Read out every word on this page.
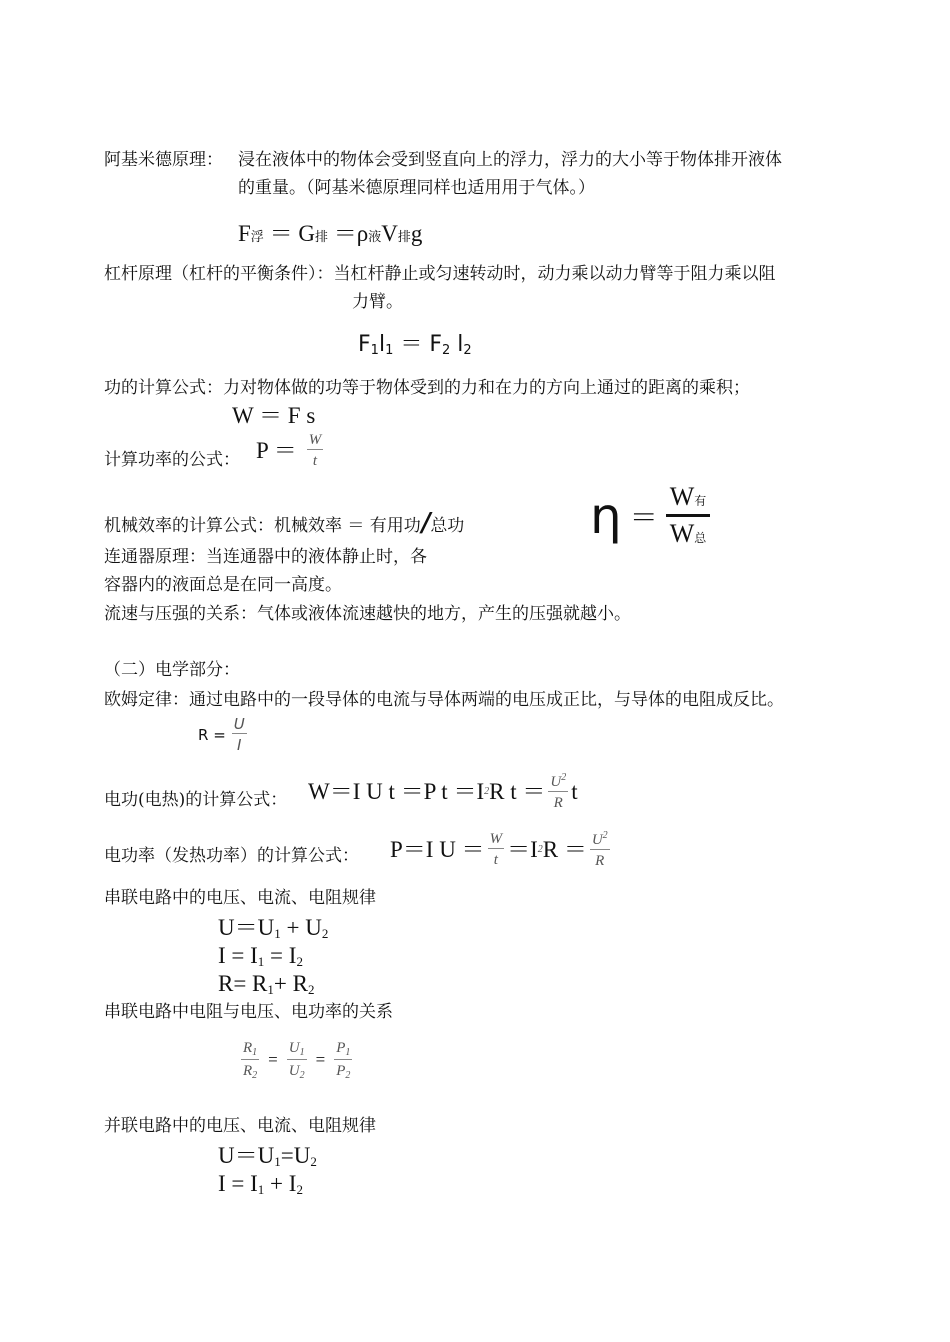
阿基米德原理： 浸在液体中的物体会受到竖直向上的浮力，浮力的大小等于物体排开液体
的重量。（阿基米德原理同样也适用用于气体。）
F浮 ＝ G排 ＝ρ液V排g
杠杆原理（杠杆的平衡条件）：当杠杆静止或匀速转动时，动力乘以动力臂等于阻力乘以阻
力臂。
$F_1l_1 = F_2$ $l_2$
功的计算公式：力对物体做的功等于物体受到的力和在力的方向上通过的距离的乘积；
W ＝ F s
计算功率的公式： $P = \frac{W}{t}$
机械效率的计算公式：机械效率 ＝ 有用功/总功	η ＝
W有
W总
连通器原理：当连通器中的液体静止时，各
容器内的液面总是在同一高度。
流速与压强的关系：气体或液体流速越快的地方，产生的压强就越小。
（二）电学部分：
欧姆定律：通过电路中的一段导体的电流与导体两端的电压成正比，与导体的电阻成反比。
$R = \frac{U}{I}$
电功(电热)的计算公式： W＝I U t ＝P t ＝I 2 R $t = \frac{U^2}{R}$ t
电功率（发热功率）的计算公式： P＝I $U = \frac{W}{t} =I$ 2 $R = \frac{U^2}{R}$
串联电路中的电压、电流、电阻规律
$U=U_1 + U_2$
$I = I_1 = I_2$
$R= R_1+ R_2$
串联电路中电阻与电压、电功率的关系
$\frac{R_1}{R_2} = \frac{U_1}{U_2} = \frac{P_1}{P_2}$
并联电路中的电压、电流、电阻规律
$U=U_1=U_2$
$I = I_1 + I_2$
